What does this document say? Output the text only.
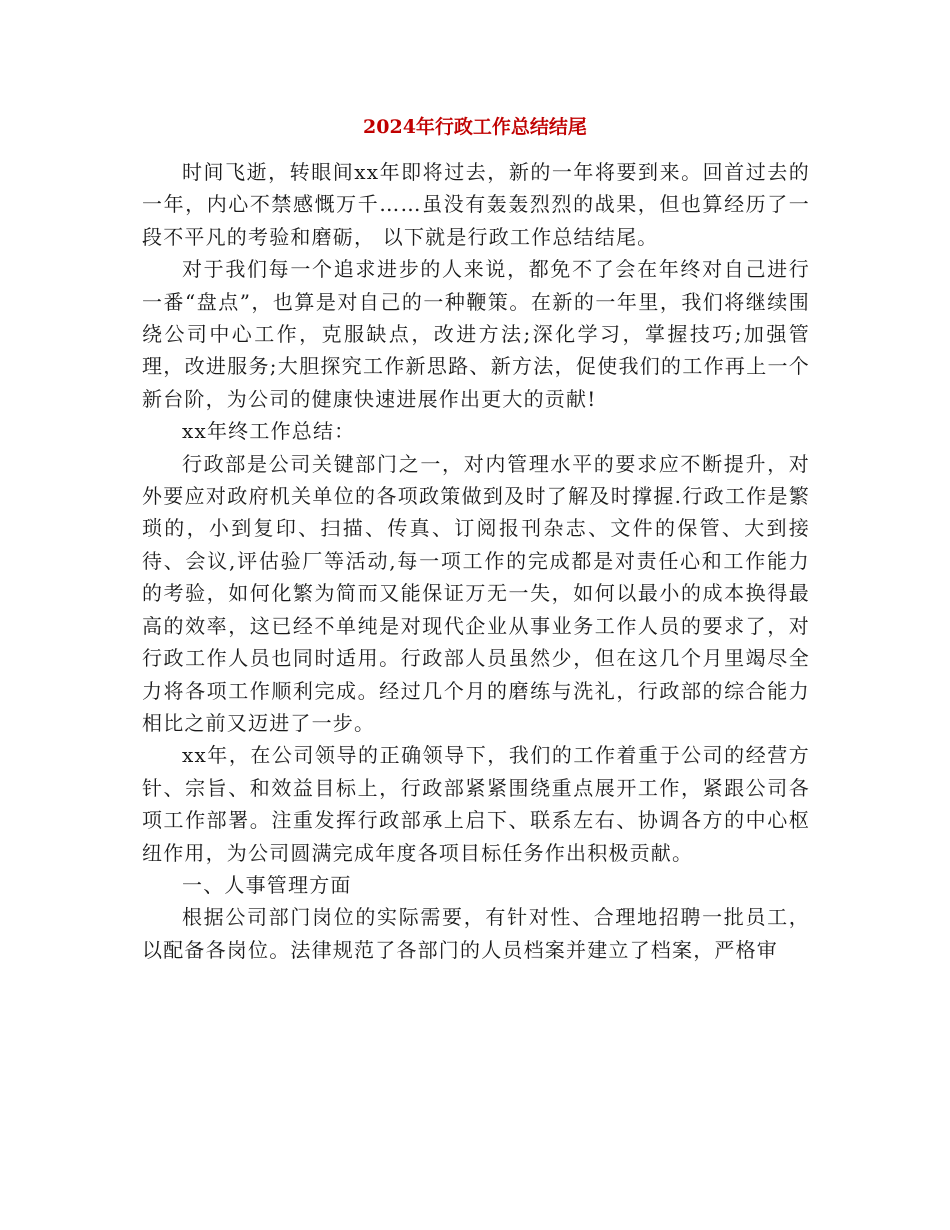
2024年行政工作总结结尾

时间飞逝，转眼间xx年即将过去，新的一年将要到来。回首过去的一年，内心不禁感慨万千……虽没有轰轰烈烈的战果，但也算经历了一段不平凡的考验和磨砺， 以下就是行政工作总结结尾。

对于我们每一个追求进步的人来说，都免不了会在年终对自己进行一番“盘点”，也算是对自己的一种鞭策。在新的一年里，我们将继续围绕公司中心工作，克服缺点，改进方法;深化学习，掌握技巧;加强管理，改进服务;大胆探究工作新思路、新方法，促使我们的工作再上一个新台阶，为公司的健康快速进展作出更大的贡献!

xx年终工作总结：

行政部是公司关键部门之一，对内管理水平的要求应不断提升，对外要应对政府机关单位的各项政策做到及时了解及时撑握.行政工作是繁琐的，小到复印、扫描、传真、订阅报刊杂志、文件的保管、大到接待、会议,评估验厂等活动,每一项工作的完成都是对责任心和工作能力的考验，如何化繁为简而又能保证万无一失，如何以最小的成本换得最高的效率，这已经不单纯是对现代企业从事业务工作人员的要求了，对行政工作人员也同时适用。行政部人员虽然少，但在这几个月里竭尽全力将各项工作顺利完成。经过几个月的磨练与洗礼，行政部的综合能力相比之前又迈进了一步。

xx年，在公司领导的正确领导下，我们的工作着重于公司的经营方针、宗旨、和效益目标上，行政部紧紧围绕重点展开工作，紧跟公司各项工作部署。注重发挥行政部承上启下、联系左右、协调各方的中心枢纽作用，为公司圆满完成年度各项目标任务作出积极贡献。

一、人事管理方面

根据公司部门岗位的实际需要，有针对性、合理地招聘一批员工，以配备各岗位。法律规范了各部门的人员档案并建立了档案，严格审
